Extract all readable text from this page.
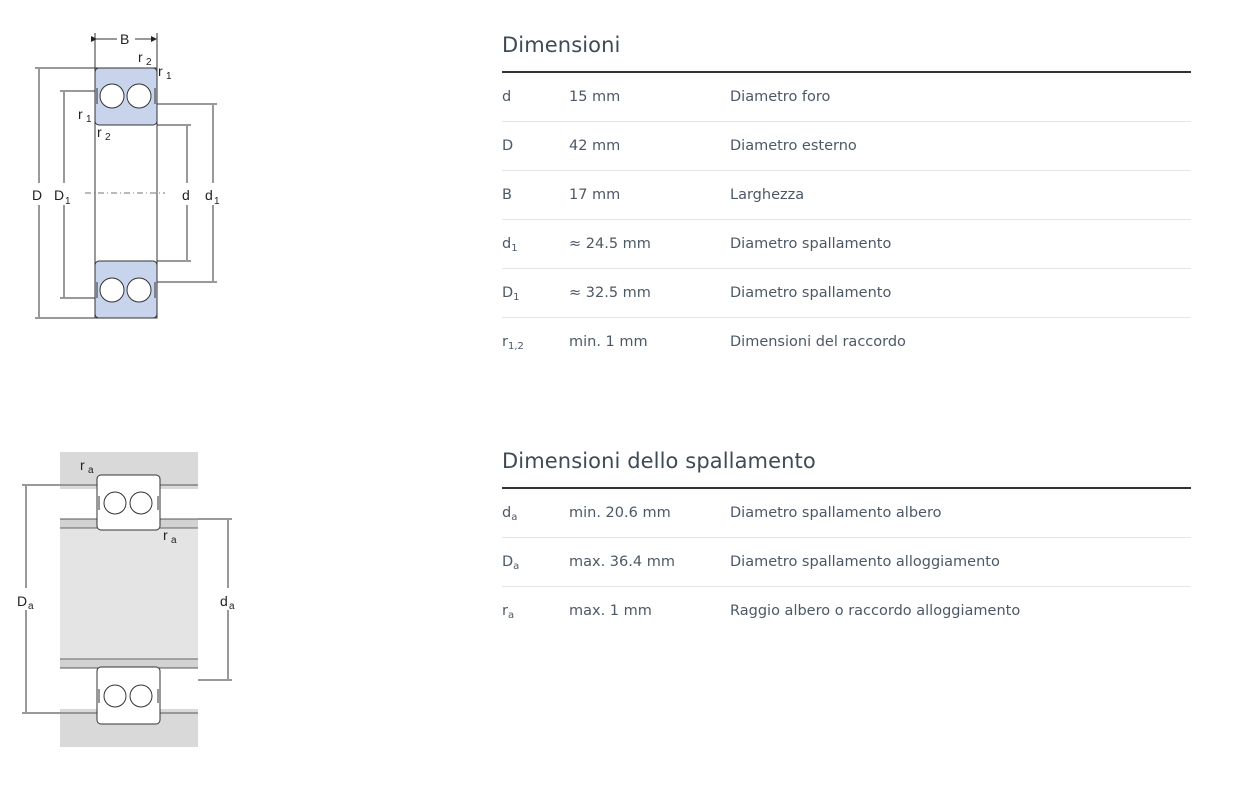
B
D D 1	d d 1
r 2
r 1
r 1
r 2
D a	d a
r a
r a
Dimensioni
d	15 mm	Diametro foro
D	42 mm	Diametro esterno
B	17 mm	Larghezza
$d_1$	≈ 24.5 mm	Diametro spallamento
$D_1$	≈ 32.5 mm	Diametro spallamento
$r_{1,2}$	min. 1 mm	Dimensioni del raccordo
Dimensioni dello spallamento
$d_a$	min. 20.6 mm	Diametro spallamento albero
$D_a$	max. 36.4 mm	Diametro spallamento alloggiamento
$r_a$	max. 1 mm	Raggio albero o raccordo alloggiamento
